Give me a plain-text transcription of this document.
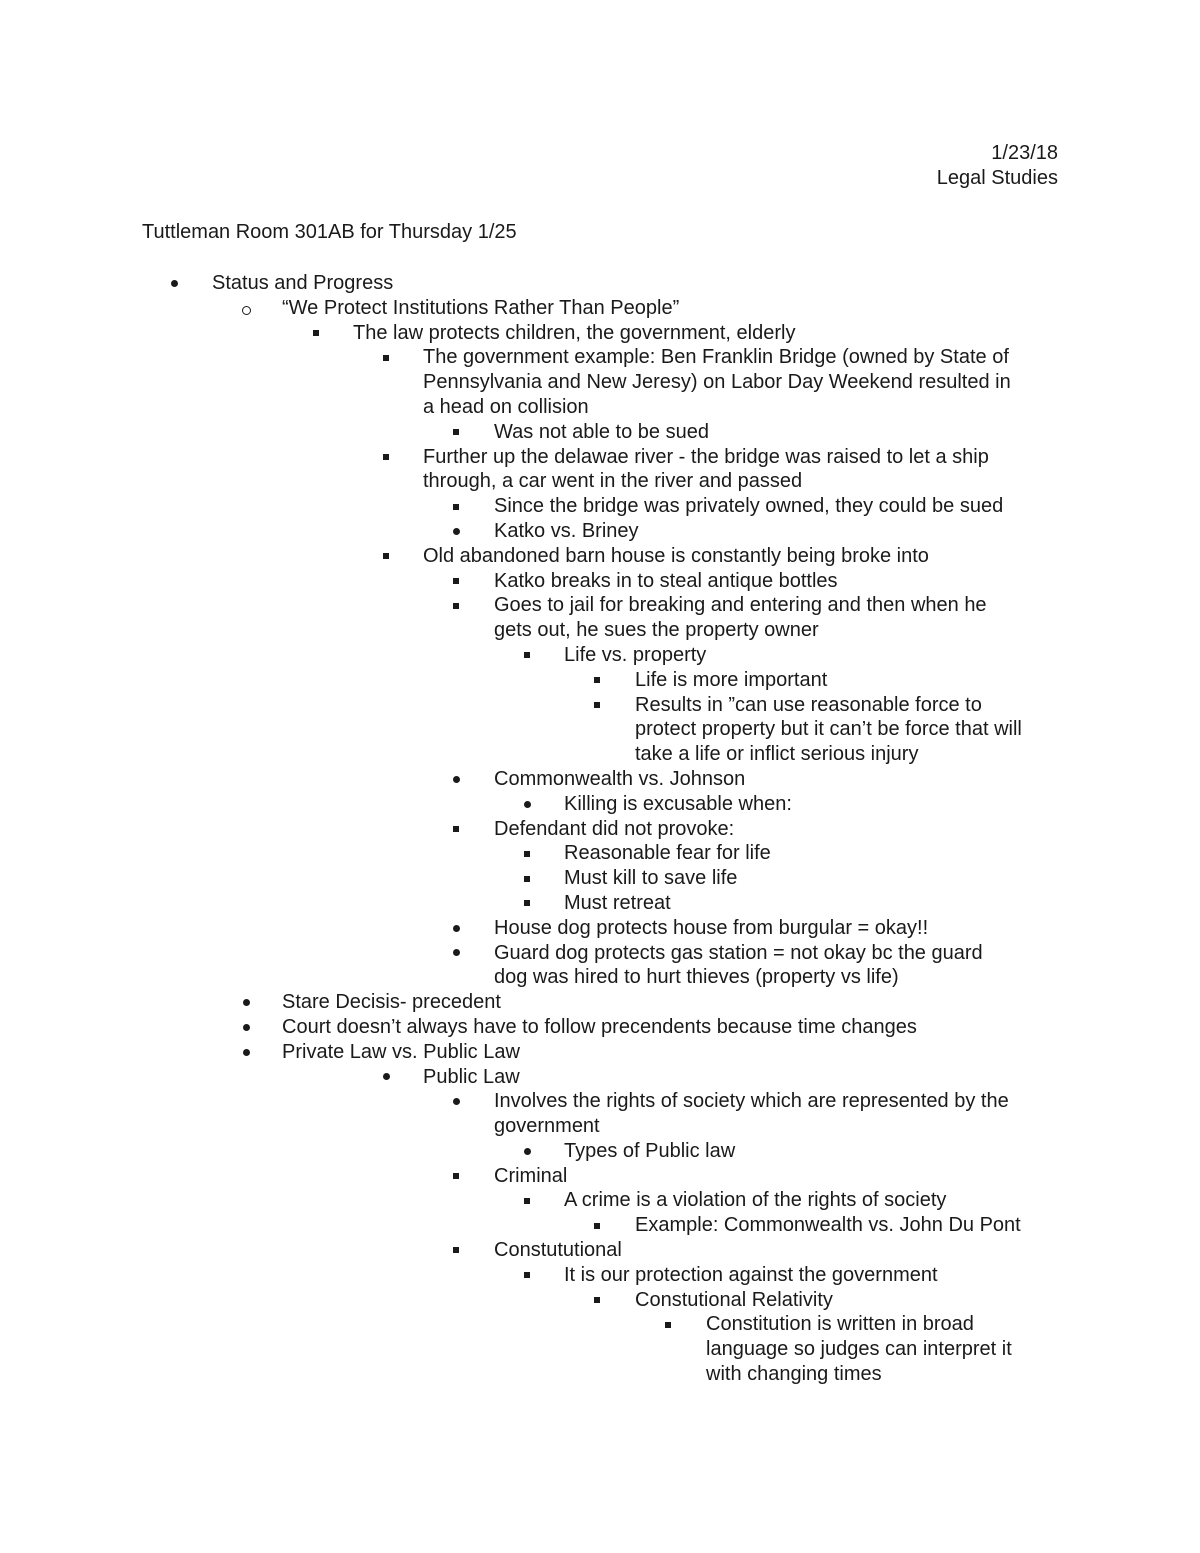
1/23/18
Legal Studies
Tuttleman Room 301AB for Thursday 1/25
Status and Progress
“We Protect Institutions Rather Than People”
The law protects children, the government, elderly
The government example: Ben Franklin Bridge (owned by State of
Pennsylvania and New Jeresy) on Labor Day Weekend resulted in
a head on collision
Was not able to be sued
Further up the delawae river - the bridge was raised to let a ship
through, a car went in the river and passed
Since the bridge was privately owned, they could be sued
Katko vs. Briney
Old abandoned barn house is constantly being broke into
Katko breaks in to steal antique bottles
Goes to jail for breaking and entering and then when he
gets out, he sues the property owner
Life vs. property
Life is more important
Results in ”can use reasonable force to
protect property but it can’t be force that will
take a life or inflict serious injury
Commonwealth vs. Johnson
Killing is excusable when:
Defendant did not provoke:
Reasonable fear for life
Must kill to save life
Must retreat
House dog protects house from burgular = okay!!
Guard dog protects gas station = not okay bc the guard
dog was hired to hurt thieves (property vs life)
Stare Decisis- precedent
Court doesn’t always have to follow precendents because time changes
Private Law vs. Public Law
Public Law
Involves the rights of society which are represented by the
government
Types of Public law
Criminal
A crime is a violation of the rights of society
Example: Commonwealth vs. John Du Pont
Constututional
It is our protection against the government
Constutional Relativity
Constitution is written in broad
language so judges can interpret it
with changing times
